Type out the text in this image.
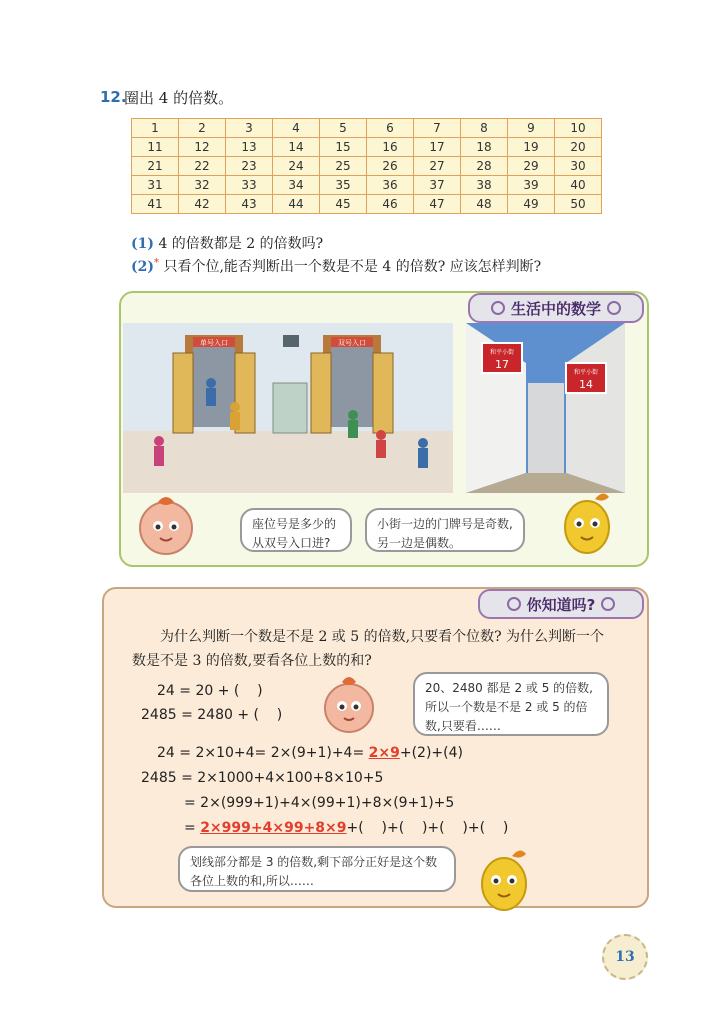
12.
圈出 4 的倍数。
1	2	3	4	5	6	7	8	9	10
11	12	13	14	15	16	17	18	19	20
21	22	23	24	25	26	27	28	29	30
31	32	33	34	35	36	37	38	39	40
41	42	43	44	45	46	47	48	49	50
(1) 4 的倍数都是 2 的倍数吗?
(2)* 只看个位,能否判断出一个数是不是 4 的倍数? 应该怎样判断?
生活中的数学
单号入口	双号入口
和平小街
17
和平小街
14
座位号是多少的从双号入口进?
小街一边的门牌号是奇数,另一边是偶数。
你知道吗?
为什么判断一个数是不是 2 或 5 的倍数,只要看个位数? 为什么判断一个数是不是 3 的倍数,要看各位上数的和?
24 = 20 + (    )
2485 = 2480 + (    )
20、2480 都是 2 或 5 的倍数,所以一个数是不是 2 或 5 的倍数,只要看……
24 = 2×10+4= 2×(9+1)+4= 2×9+(2)+(4)
2485 = 2×1000+4×100+8×10+5
= 2×(999+1)+4×(99+1)+8×(9+1)+5
= 2×999+4×99+8×9+(    )+(    )+(    )+(    )
划线部分都是 3 的倍数,剩下部分正好是这个数各位上数的和,所以……
13
